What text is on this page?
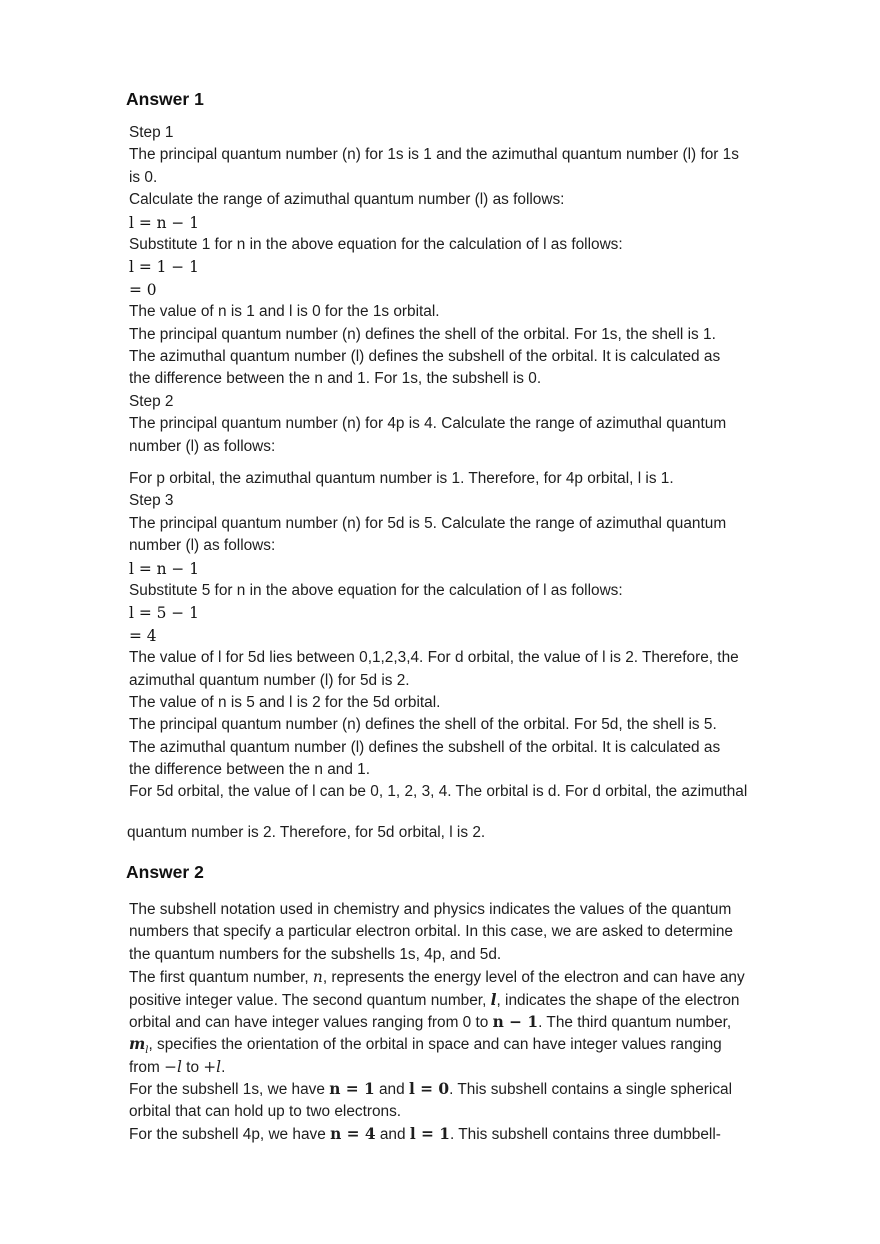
Answer 1
Step 1
The principal quantum number (n) for 1s is 1 and the azimuthal quantum number (l) for 1s
is 0.
Calculate the range of azimuthal quantum number (l) as follows:
l = n − 1
Substitute 1 for n in the above equation for the calculation of l as follows:
l = 1 − 1
= 0
The value of n is 1 and l is 0 for the 1s orbital.
The principal quantum number (n) defines the shell of the orbital. For 1s, the shell is 1.
The azimuthal quantum number (l) defines the subshell of the orbital. It is calculated as
the difference between the n and 1. For 1s, the subshell is 0.
Step 2
The principal quantum number (n) for 4p is 4. Calculate the range of azimuthal quantum
number (l) as follows:
For p orbital, the azimuthal quantum number is 1. Therefore, for 4p orbital, l is 1.
Step 3
The principal quantum number (n) for 5d is 5. Calculate the range of azimuthal quantum
number (l) as follows:
l = n − 1
Substitute 5 for n in the above equation for the calculation of l as follows:
l = 5 − 1
= 4
The value of l for 5d lies between 0,1,2,3,4. For d orbital, the value of l is 2. Therefore, the
azimuthal quantum number (l) for 5d is 2.
The value of n is 5 and l is 2 for the 5d orbital.
The principal quantum number (n) defines the shell of the orbital. For 5d, the shell is 5.
The azimuthal quantum number (l) defines the subshell of the orbital. It is calculated as
the difference between the n and 1.
For 5d orbital, the value of l can be 0, 1, 2, 3, 4. The orbital is d. For d orbital, the azimuthal
quantum number is 2. Therefore, for 5d orbital, l is 2.
Answer 2
The subshell notation used in chemistry and physics indicates the values of the quantum
numbers that specify a particular electron orbital. In this case, we are asked to determine
the quantum numbers for the subshells 1s, 4p, and 5d.
The first quantum number, n, represents the energy level of the electron and can have any
positive integer value. The second quantum number, l, indicates the shape of the electron
orbital and can have integer values ranging from 0 to n − 1. The third quantum number,
$m_l$, specifies the orientation of the orbital in space and can have integer values ranging
from −l to +l.
For the subshell 1s, we have n = 1 and l = 0. This subshell contains a single spherical
orbital that can hold up to two electrons.
For the subshell 4p, we have n = 4 and l = 1. This subshell contains three dumbbell-
